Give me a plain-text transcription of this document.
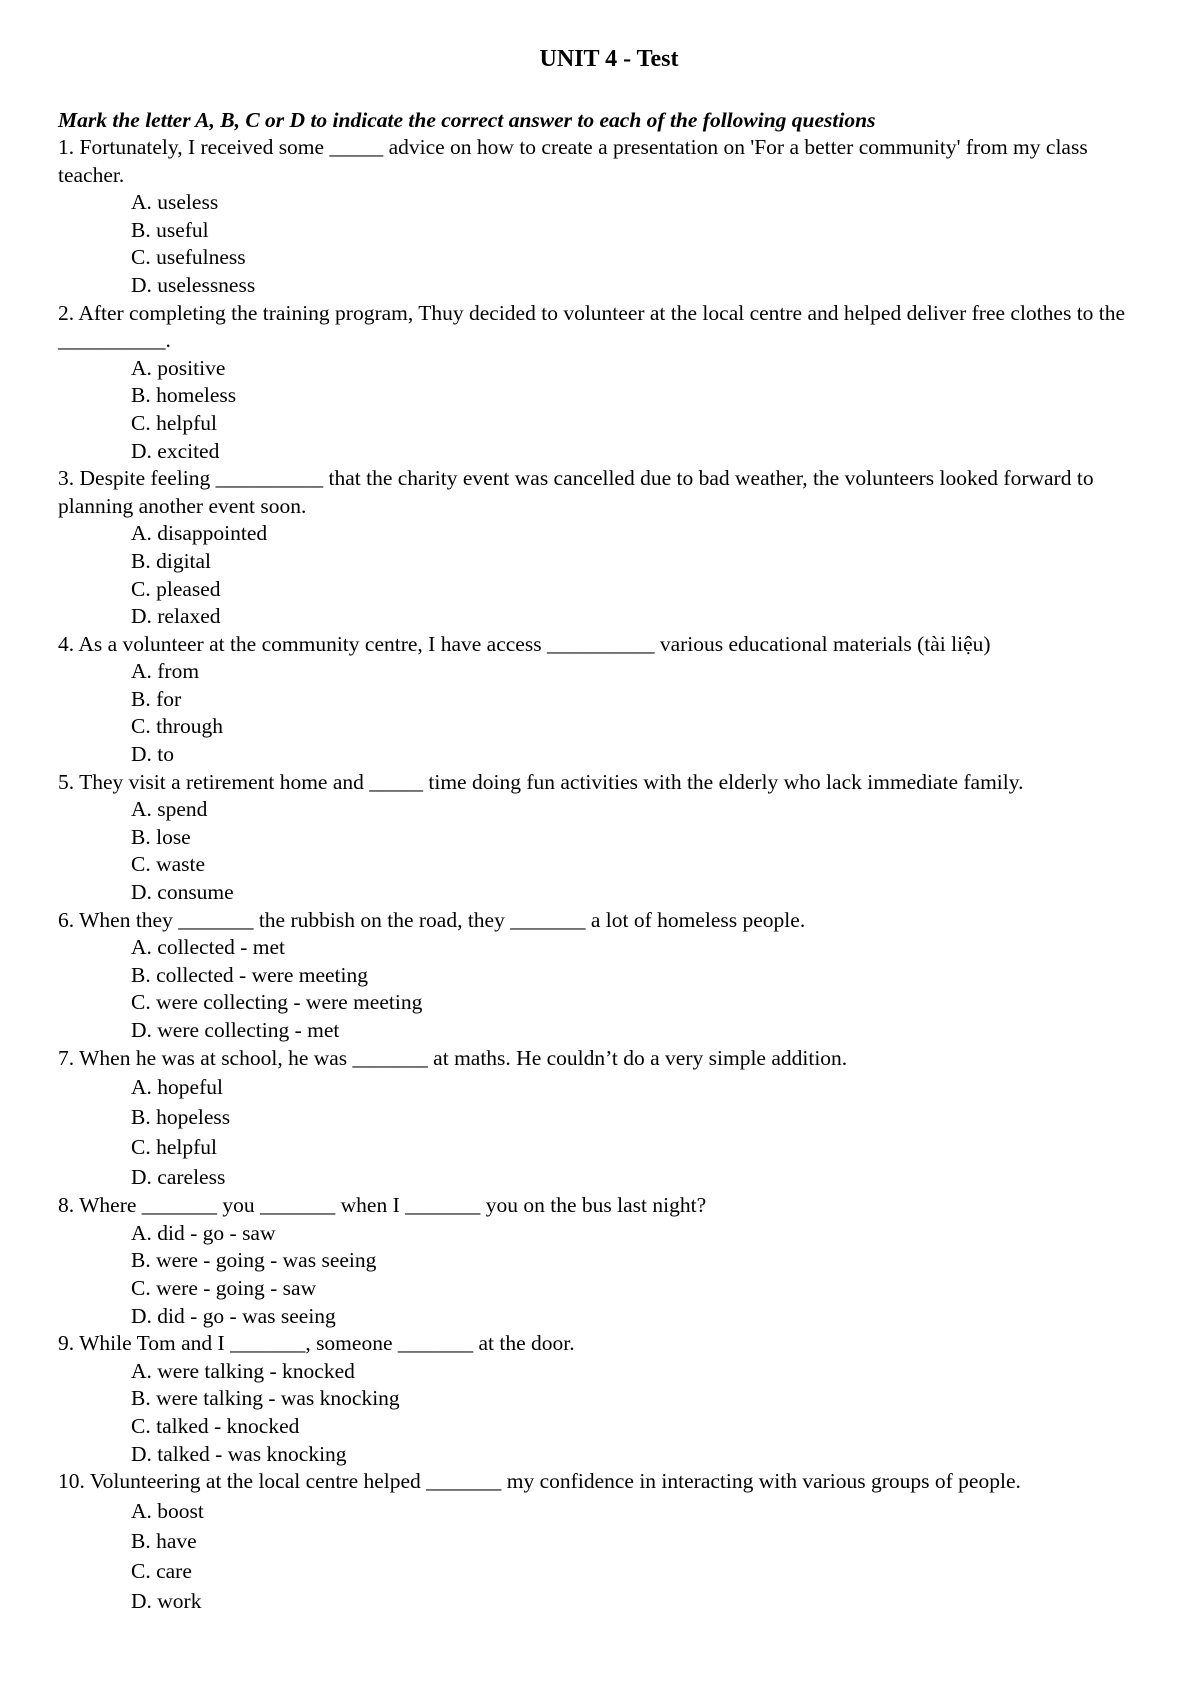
UNIT 4 - Test

Mark the letter A, B, C or D to indicate the correct answer to each of the following questions

1. Fortunately, I received some _____ advice on how to create a presentation on 'For a better community' from my class teacher.

A. useless
B. useful
C. usefulness
D. uselessness

2. After completing the training program, Thuy decided to volunteer at the local centre and helped deliver free clothes to the __________.

A. positive
B. homeless
C. helpful
D. excited

3. Despite feeling __________ that the charity event was cancelled due to bad weather, the volunteers looked forward to planning another event soon.

A. disappointed
B. digital
C. pleased
D. relaxed

4. As a volunteer at the community centre, I have access __________ various educational materials (tài liệu)

A. from
B. for
C. through
D. to

5. They visit a retirement home and _____ time doing fun activities with the elderly who lack immediate family.

A. spend
B. lose
C. waste
D. consume

6. When they _______ the rubbish on the road, they _______ a lot of homeless people.

A. collected - met
B. collected - were meeting
C. were collecting - were meeting
D. were collecting - met

7. When he was at school, he was _______ at maths. He couldn’t do a very simple addition.

A. hopeful
B. hopeless
C. helpful
D. careless

8. Where _______ you _______ when I _______ you on the bus last night?

A. did - go - saw
B. were - going - was seeing
C. were - going - saw
D. did - go - was seeing

9. While Tom and I _______, someone _______ at the door.

A. were talking - knocked
B. were talking - was knocking
C. talked - knocked
D. talked - was knocking

10. Volunteering at the local centre helped _______ my confidence in interacting with various groups of people.

A. boost
B. have
C. care
D. work
